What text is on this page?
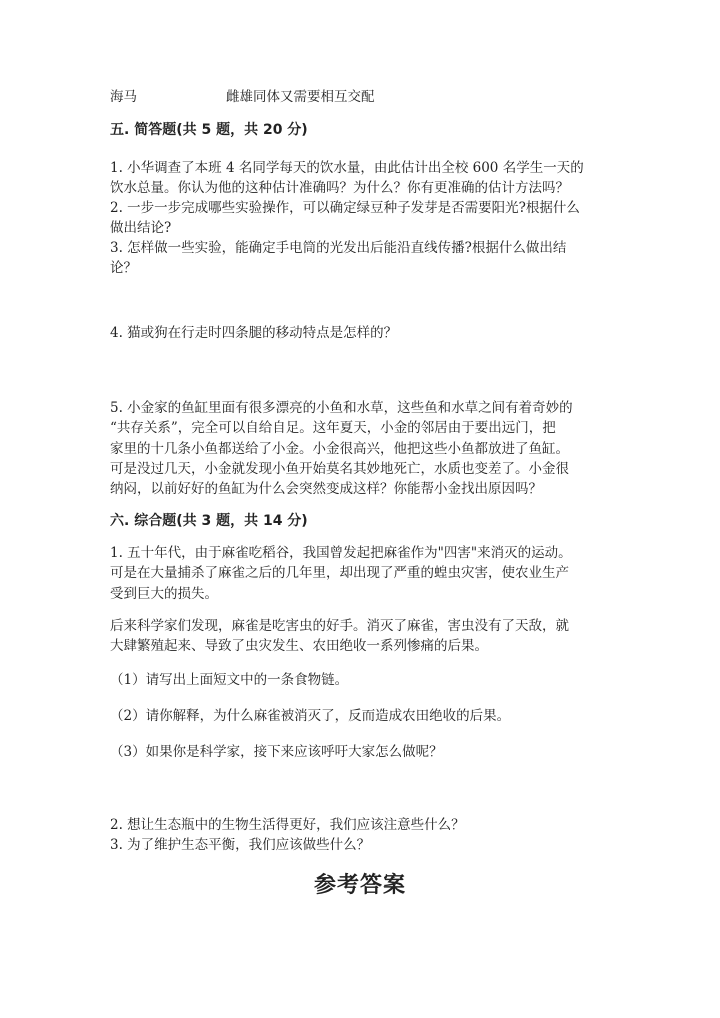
海马	雌雄同体又需要相互交配
五. 简答题(共 5 题，共 20 分)
1. 小华调查了本班 4 名同学每天的饮水量，由此估计出全校 600 名学生一天的
饮水总量。你认为他的这种估计准确吗？为什么？你有更准确的估计方法吗？
2. 一步一步完成哪些实验操作，可以确定绿豆种子发芽是否需要阳光?根据什么
做出结论?
3. 怎样做一些实验，能确定手电筒的光发出后能沿直线传播?根据什么做出结
论？
4. 猫或狗在行走时四条腿的移动特点是怎样的？
5. 小金家的鱼缸里面有很多漂亮的小鱼和水草，这些鱼和水草之间有着奇妙的
“共存关系”，完全可以自给自足。这年夏天，小金的邻居由于要出远门，把
家里的十几条小鱼都送给了小金。小金很高兴，他把这些小鱼都放进了鱼缸。
可是没过几天，小金就发现小鱼开始莫名其妙地死亡，水质也变差了。小金很
纳闷，以前好好的鱼缸为什么会突然变成这样？你能帮小金找出原因吗？
六. 综合题(共 3 题，共 14 分)
1. 五十年代，由于麻雀吃稻谷，我国曾发起把麻雀作为"四害"来消灭的运动。
可是在大量捕杀了麻雀之后的几年里，却出现了严重的蝗虫灾害，使农业生产
受到巨大的损失。
后来科学家们发现，麻雀是吃害虫的好手。消灭了麻雀，害虫没有了天敌，就
大肆繁殖起来、导致了虫灾发生、农田绝收一系列惨痛的后果。
（1）请写出上面短文中的一条食物链。
（2）请你解释，为什么麻雀被消灭了，反而造成农田绝收的后果。
（3）如果你是科学家，接下来应该呼吁大家怎么做呢？
2. 想让生态瓶中的生物生活得更好，我们应该注意些什么？
3. 为了维护生态平衡，我们应该做些什么？
参考答案
